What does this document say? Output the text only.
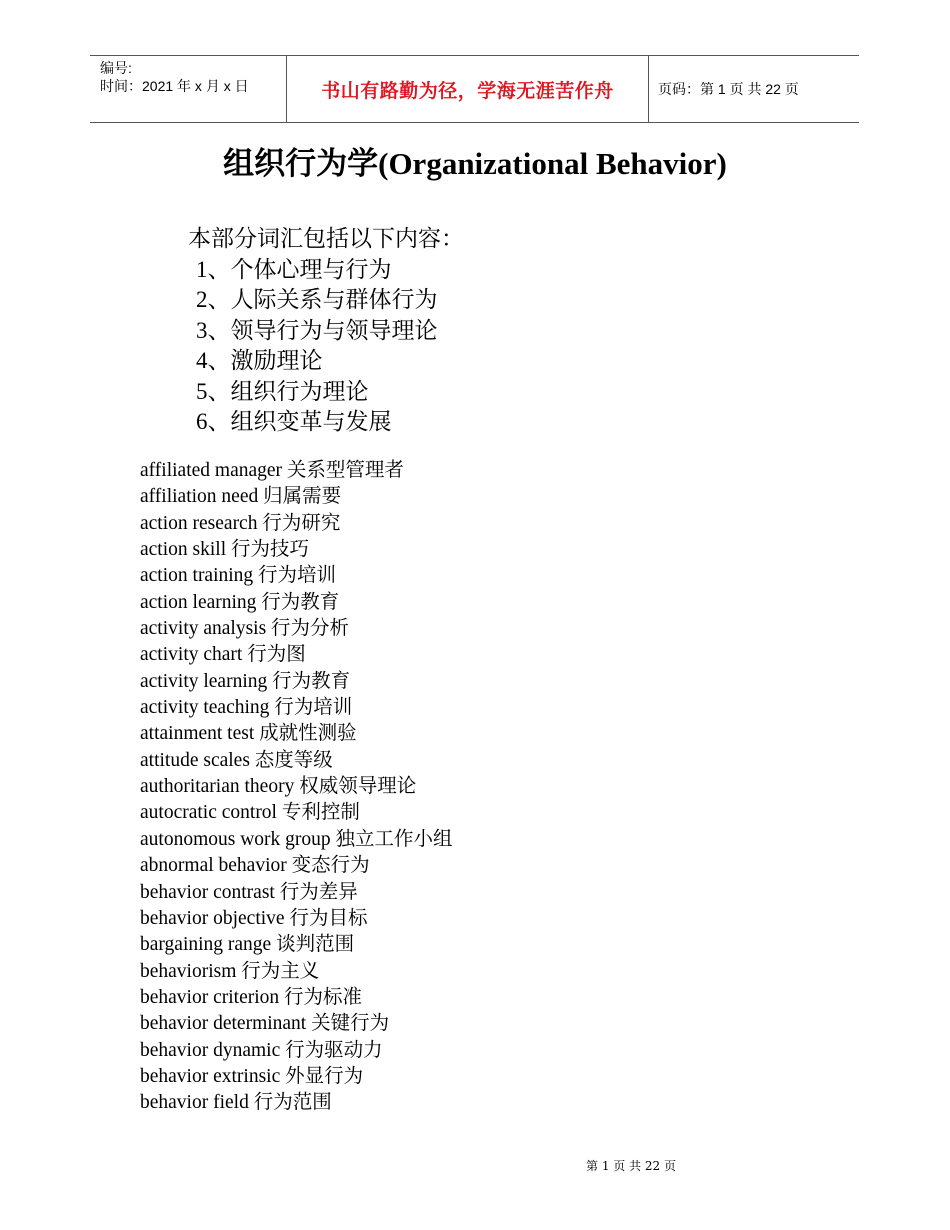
编号:
时间：2021 年 x 月 x 日	书山有路勤为径，学海无涯苦作舟	页码：第 1 页 共 22 页
组织行为学(Organizational Behavior)
本部分词汇包括以下内容：
1、个体心理与行为
2、人际关系与群体行为
3、领导行为与领导理论
4、激励理论
5、组织行为理论
6、组织变革与发展
affiliated manager 关系型管理者
affiliation need 归属需要
action research 行为研究
action skill 行为技巧
action training 行为培训
action learning 行为教育
activity analysis 行为分析
activity chart 行为图
activity learning 行为教育
activity teaching 行为培训
attainment test 成就性测验
attitude scales 态度等级
authoritarian theory 权威领导理论
autocratic control 专利控制
autonomous work group 独立工作小组
abnormal behavior 变态行为
behavior contrast 行为差异
behavior objective 行为目标
bargaining range 谈判范围
behaviorism 行为主义
behavior criterion 行为标准
behavior determinant 关键行为
behavior dynamic 行为驱动力
behavior extrinsic 外显行为
behavior field 行为范围
第 1 页 共 22 页
